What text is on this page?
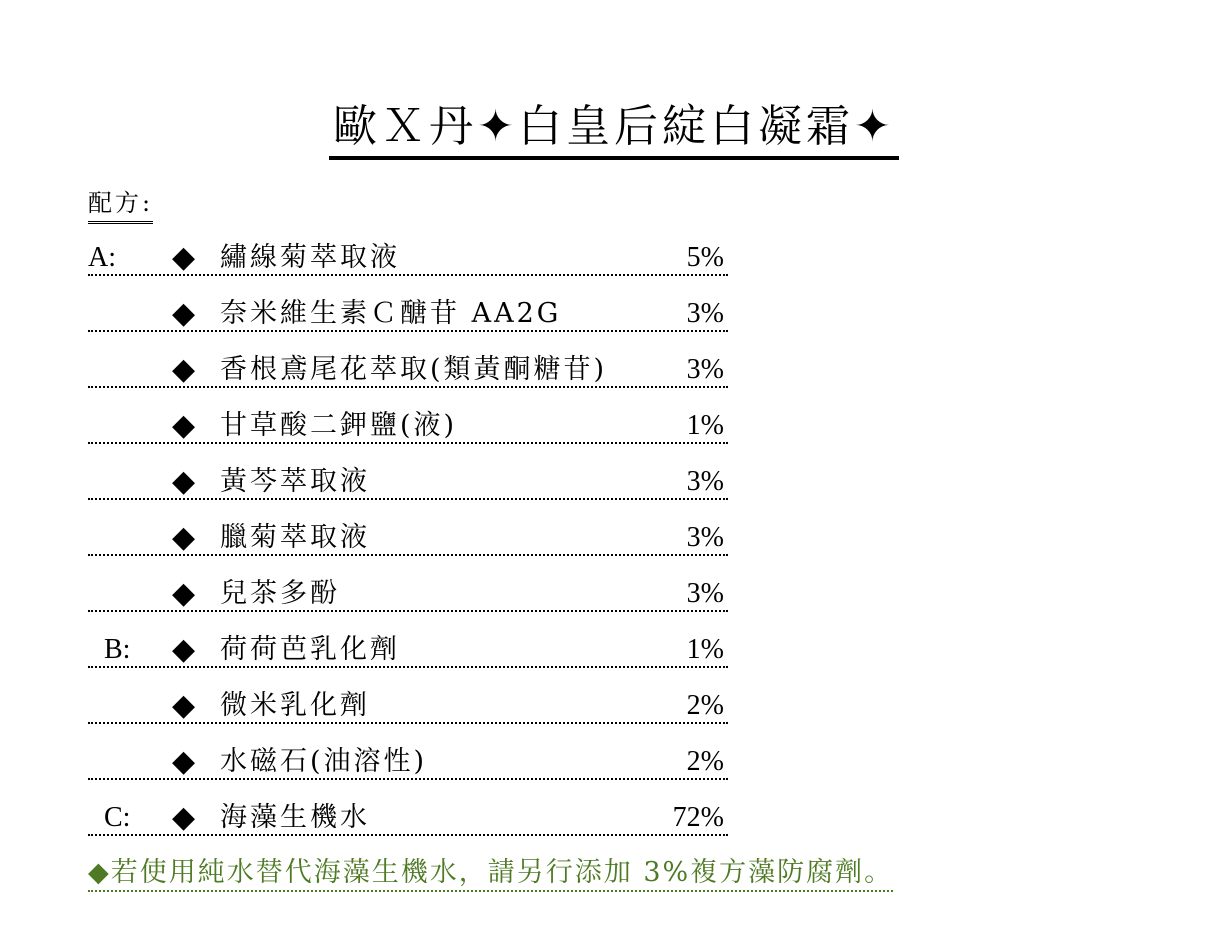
歐Ｘ丹✦白皇后綻白凝霜✦
配方:
A: ◆ 繡線菊萃取液	5%
◆ 奈米維生素Ｃ醣苷 AA2G	3%
◆ 香根鳶尾花萃取(類黃酮糖苷)	3%
◆ 甘草酸二鉀鹽(液)	1%
◆ 黃芩萃取液	3%
◆ 臘菊萃取液	3%
◆ 兒茶多酚	3%
B: ◆ 荷荷芭乳化劑	1%
◆ 微米乳化劑	2%
◆ 水磁石(油溶性)	2%
C: ◆ 海藻生機水	72%
◆若使用純水替代海藻生機水，請另行添加 3%複方藻防腐劑。
